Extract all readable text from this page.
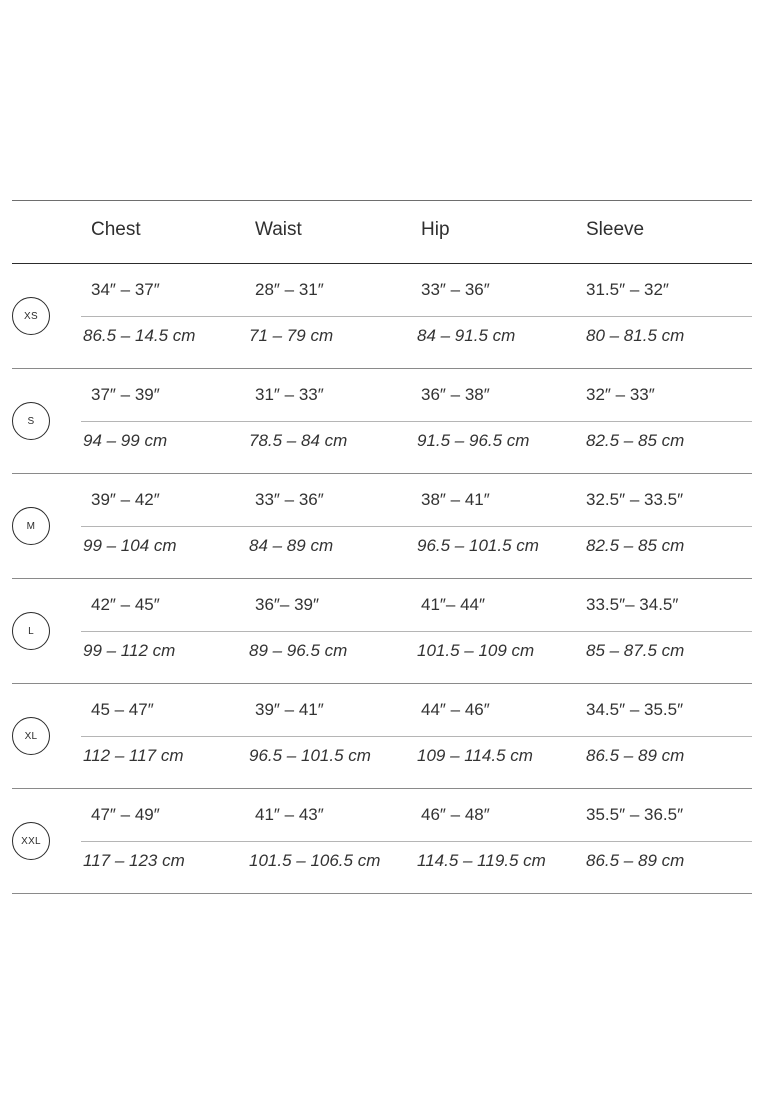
Chest	Waist	Hip	Sleeve
XS
34″ – 37″	28″ – 31″	33″ – 36″	31.5″ – 32″
86.5 – 14.5 cm	71 – 79 cm	84 – 91.5 cm	80 – 81.5 cm
S
37″ – 39″	31″ – 33″	36″ – 38″	32″ – 33″
94 – 99 cm	78.5 – 84 cm	91.5 – 96.5 cm	82.5 – 85 cm
M
39″ – 42″	33″ – 36″	38″ – 41″	32.5″ – 33.5″
99 – 104 cm	84 – 89 cm	96.5 – 101.5 cm	82.5 – 85 cm
L
42″ – 45″	36″– 39″	41″– 44″	33.5″– 34.5″
99 – 112 cm	89 – 96.5 cm	101.5 – 109 cm	85 – 87.5 cm
XL
45 – 47″	39″ – 41″	44″ – 46″	34.5″ – 35.5″
112 – 117 cm	96.5 – 101.5 cm	109 – 114.5 cm	86.5 – 89 cm
XXL
47″ – 49″	41″ – 43″	46″ – 48″	35.5″ – 36.5″
117 – 123 cm	101.5 – 106.5 cm 114.5 – 119.5 cm 86.5 – 89 cm
